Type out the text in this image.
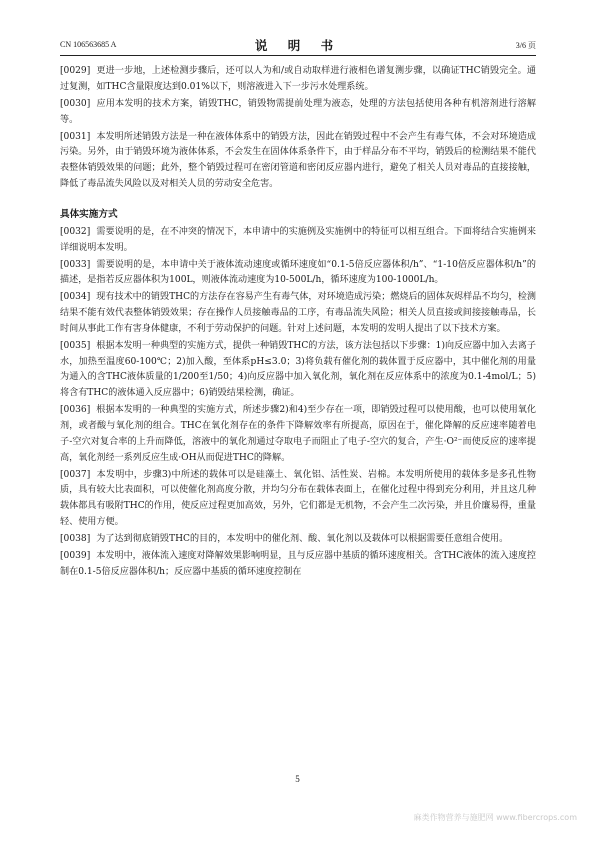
CN 106563685 A	说 明 书	3/6 页

[0029] 更进一步地，上述检测步骤后，还可以人为和/或自动取样进行液相色谱复测步骤，以确证THC销毁完全。通过复测，如THC含量限度达到0.01%以下，则溶液进入下一步污水处理系统。

[0030] 应用本发明的技术方案，销毁THC，销毁物需提前处理为液态，处理的方法包括使用各种有机溶剂进行溶解等。

[0031] 本发明所述销毁方法是一种在液体体系中的销毁方法，因此在销毁过程中不会产生有毒气体，不会对环境造成污染。另外，由于销毁环境为液体体系，不会发生在固体体系条件下，由于样品分布不平均，销毁后的检测结果不能代表整体销毁效果的问题；此外，整个销毁过程可在密闭管道和密闭反应器内进行，避免了相关人员对毒品的直接接触，降低了毒品流失风险以及对相关人员的劳动安全危害。

具体实施方式

[0032] 需要说明的是，在不冲突的情况下，本申请中的实施例及实施例中的特征可以相互组合。下面将结合实施例来详细说明本发明。

[0033] 需要说明的是，本申请中关于液体流动速度或循环速度如“0.1-5倍反应器体积/h”、“1-10倍反应器体积/h”的描述，是指若反应器体积为100L，则液体流动速度为10-500L/h，循环速度为100-1000L/h。

[0034] 现有技术中的销毁THC的方法存在容易产生有毒气体，对环境造成污染；燃烧后的固体灰烬样品不均匀，检测结果不能有效代表整体销毁效果；存在操作人员接触毒品的工序，有毒品流失风险；相关人员直接或间接接触毒品，长时间从事此工作有害身体健康，不利于劳动保护的问题。针对上述问题，本发明的发明人提出了以下技术方案。

[0035] 根据本发明一种典型的实施方式，提供一种销毁THC的方法，该方法包括以下步骤：1)向反应器中加入去离子水，加热至温度60-100℃；2)加入酸，至体系pH≤3.0；3)将负载有催化剂的载体置于反应器中，其中催化剂的用量为通入的含THC液体质量的1/200至1/50；4)向反应器中加入氧化剂，氧化剂在反应体系中的浓度为0.1-4mol/L；5)将含有THC的液体通入反应器中；6)销毁结果检测，确证。

[0036] 根据本发明的一种典型的实施方式，所述步骤2)和4)至少存在一项，即销毁过程可以使用酸，也可以使用氧化剂，或者酸与氧化剂的组合。THC在氧化剂存在的条件下降解效率有所提高，原因在于，催化降解的反应速率随着电子-空穴对复合率的上升而降低，溶液中的氧化剂通过夺取电子而阻止了电子-空穴的复合，产生·O²⁻而使反应的速率提高，氧化剂经一系列反应生成·OH从而促进THC的降解。

[0037] 本发明中，步骤3)中所述的载体可以是硅藻土、氧化铝、活性炭、岩棉。本发明所使用的载体多是多孔性物质，具有较大比表面积，可以使催化剂高度分散，并均匀分布在载体表面上，在催化过程中得到充分利用，并且这几种载体都具有吸附THC的作用，使反应过程更加高效，另外，它们都是无机物，不会产生二次污染，并且价廉易得，重量轻、使用方便。

[0038] 为了达到彻底销毁THC的目的，本发明中的催化剂、酸、氧化剂以及载体可以根据需要任意组合使用。

[0039] 本发明中，液体流入速度对降解效果影响明显，且与反应器中基质的循环速度相关。含THC液体的流入速度控制在0.1-5倍反应器体积/h；反应器中基质的循环速度控制在

5
麻类作物营养与施肥网 www.fibercrops.com
